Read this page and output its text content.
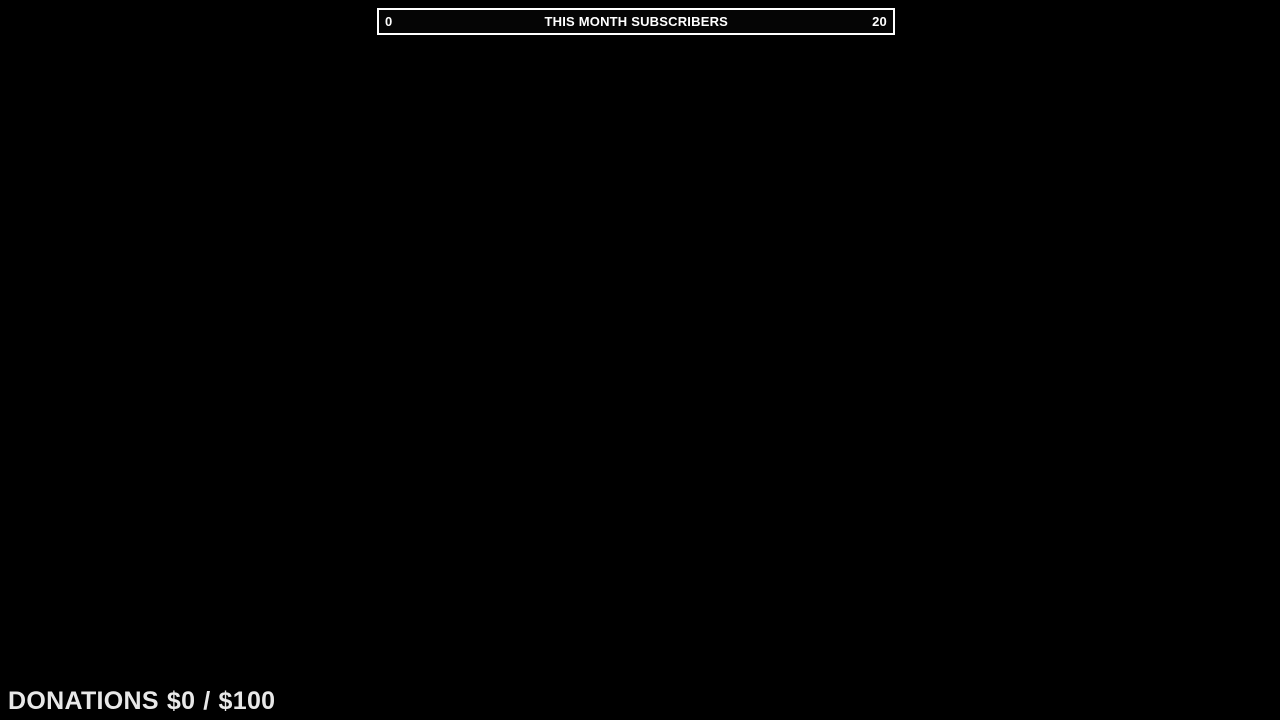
0	THIS MONTH SUBSCRIBERS	20
DONATIONS $0 / $100
